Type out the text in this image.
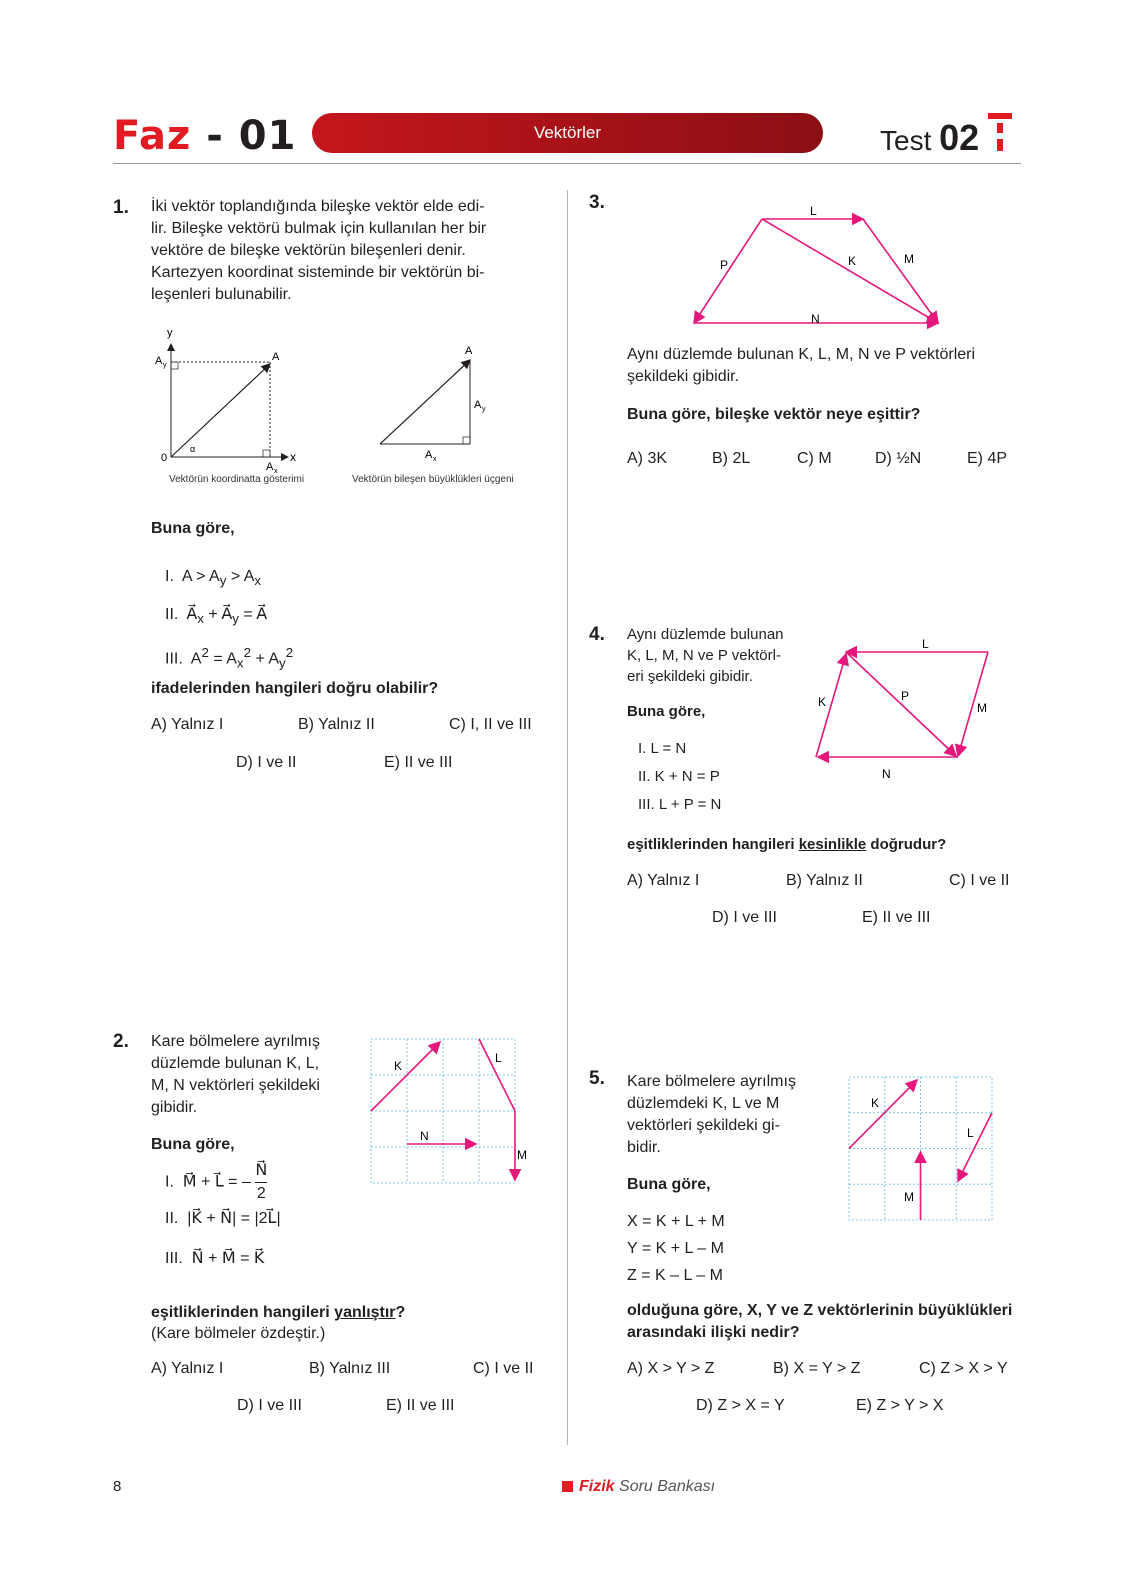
Faz - 01	Vektörler	Test 02
1. İki vektör toplandığında bileşke vektör elde edi-
lir. Bileşke vektörü bulmak için kullanılan her bir
vektöre de bileşke vektörün bileşenleri denir.
Kartezyen koordinat sisteminde bir vektörün bi-
leşenleri bulunabilir.
y
x
0
A y
A
α
A x
A
A y
A x
Vektörün koordinatta gösterimi	Vektörün bileşen büyüklükleri üçgeni
Buna göre,
I.  $A > A_y > A_x$
II.  $A⃗_x$ + $A⃗_y$ = A⃗
III.  $A^2 = A_x^2 + A_y^2$
ifadelerinden hangileri doğru olabilir?
A) Yalnız I	B) Yalnız II	C) I, II ve III
D) I ve II	E) II ve III
2. Kare bölmelere ayrılmış
düzlemde bulunan K, L,
M, N vektörleri şekildeki
gibidir.
K
L
N
M
Buna göre,
I.  M⃗ + L⃗ = – $\frac{N⃗}{2}$
II.  |K⃗ + N⃗| = |2L⃗|
III.  N⃗ + M⃗ = K⃗
eşitliklerinden hangileri yanlıştır?
(Kare bölmeler özdeştir.)
A) Yalnız I	B) Yalnız III	C) I ve II
D) I ve III	E) II ve III
3.	L
P	K	M
N
Aynı düzlemde bulunan K, L, M, N ve P vektörleri
şekildeki gibidir.
Buna göre, bileşke vektör neye eşittir?
A) 3K	B) 2L	C) M	D) ½N	E) 4P
4. Aynı düzlemde bulunan
K, L, M, N ve P vektörl-
eri şekildeki gibidir.
L
K	P
M
N
Buna göre,
I. L = N
II. K + N = P
III. L + P = N
eşitliklerinden hangileri kesinlikle doğrudur?
A) Yalnız I	B) Yalnız II	C) I ve II
D) I ve III	E) II ve III
5. Kare bölmelere ayrılmış
düzlemdeki K, L ve M
vektörleri şekildeki gi-
bidir.
K
L
M
Buna göre,
X = K + L + M
Y = K + L – M
Z = K – L – M
olduğuna göre, X, Y ve Z vektörlerinin büyüklükleri
arasındaki ilişki nedir?
A) X > Y > Z	B) X = Y > Z	C) Z > X > Y
D) Z > X = Y	E) Z > Y > X
8	Fizik Soru Bankası
